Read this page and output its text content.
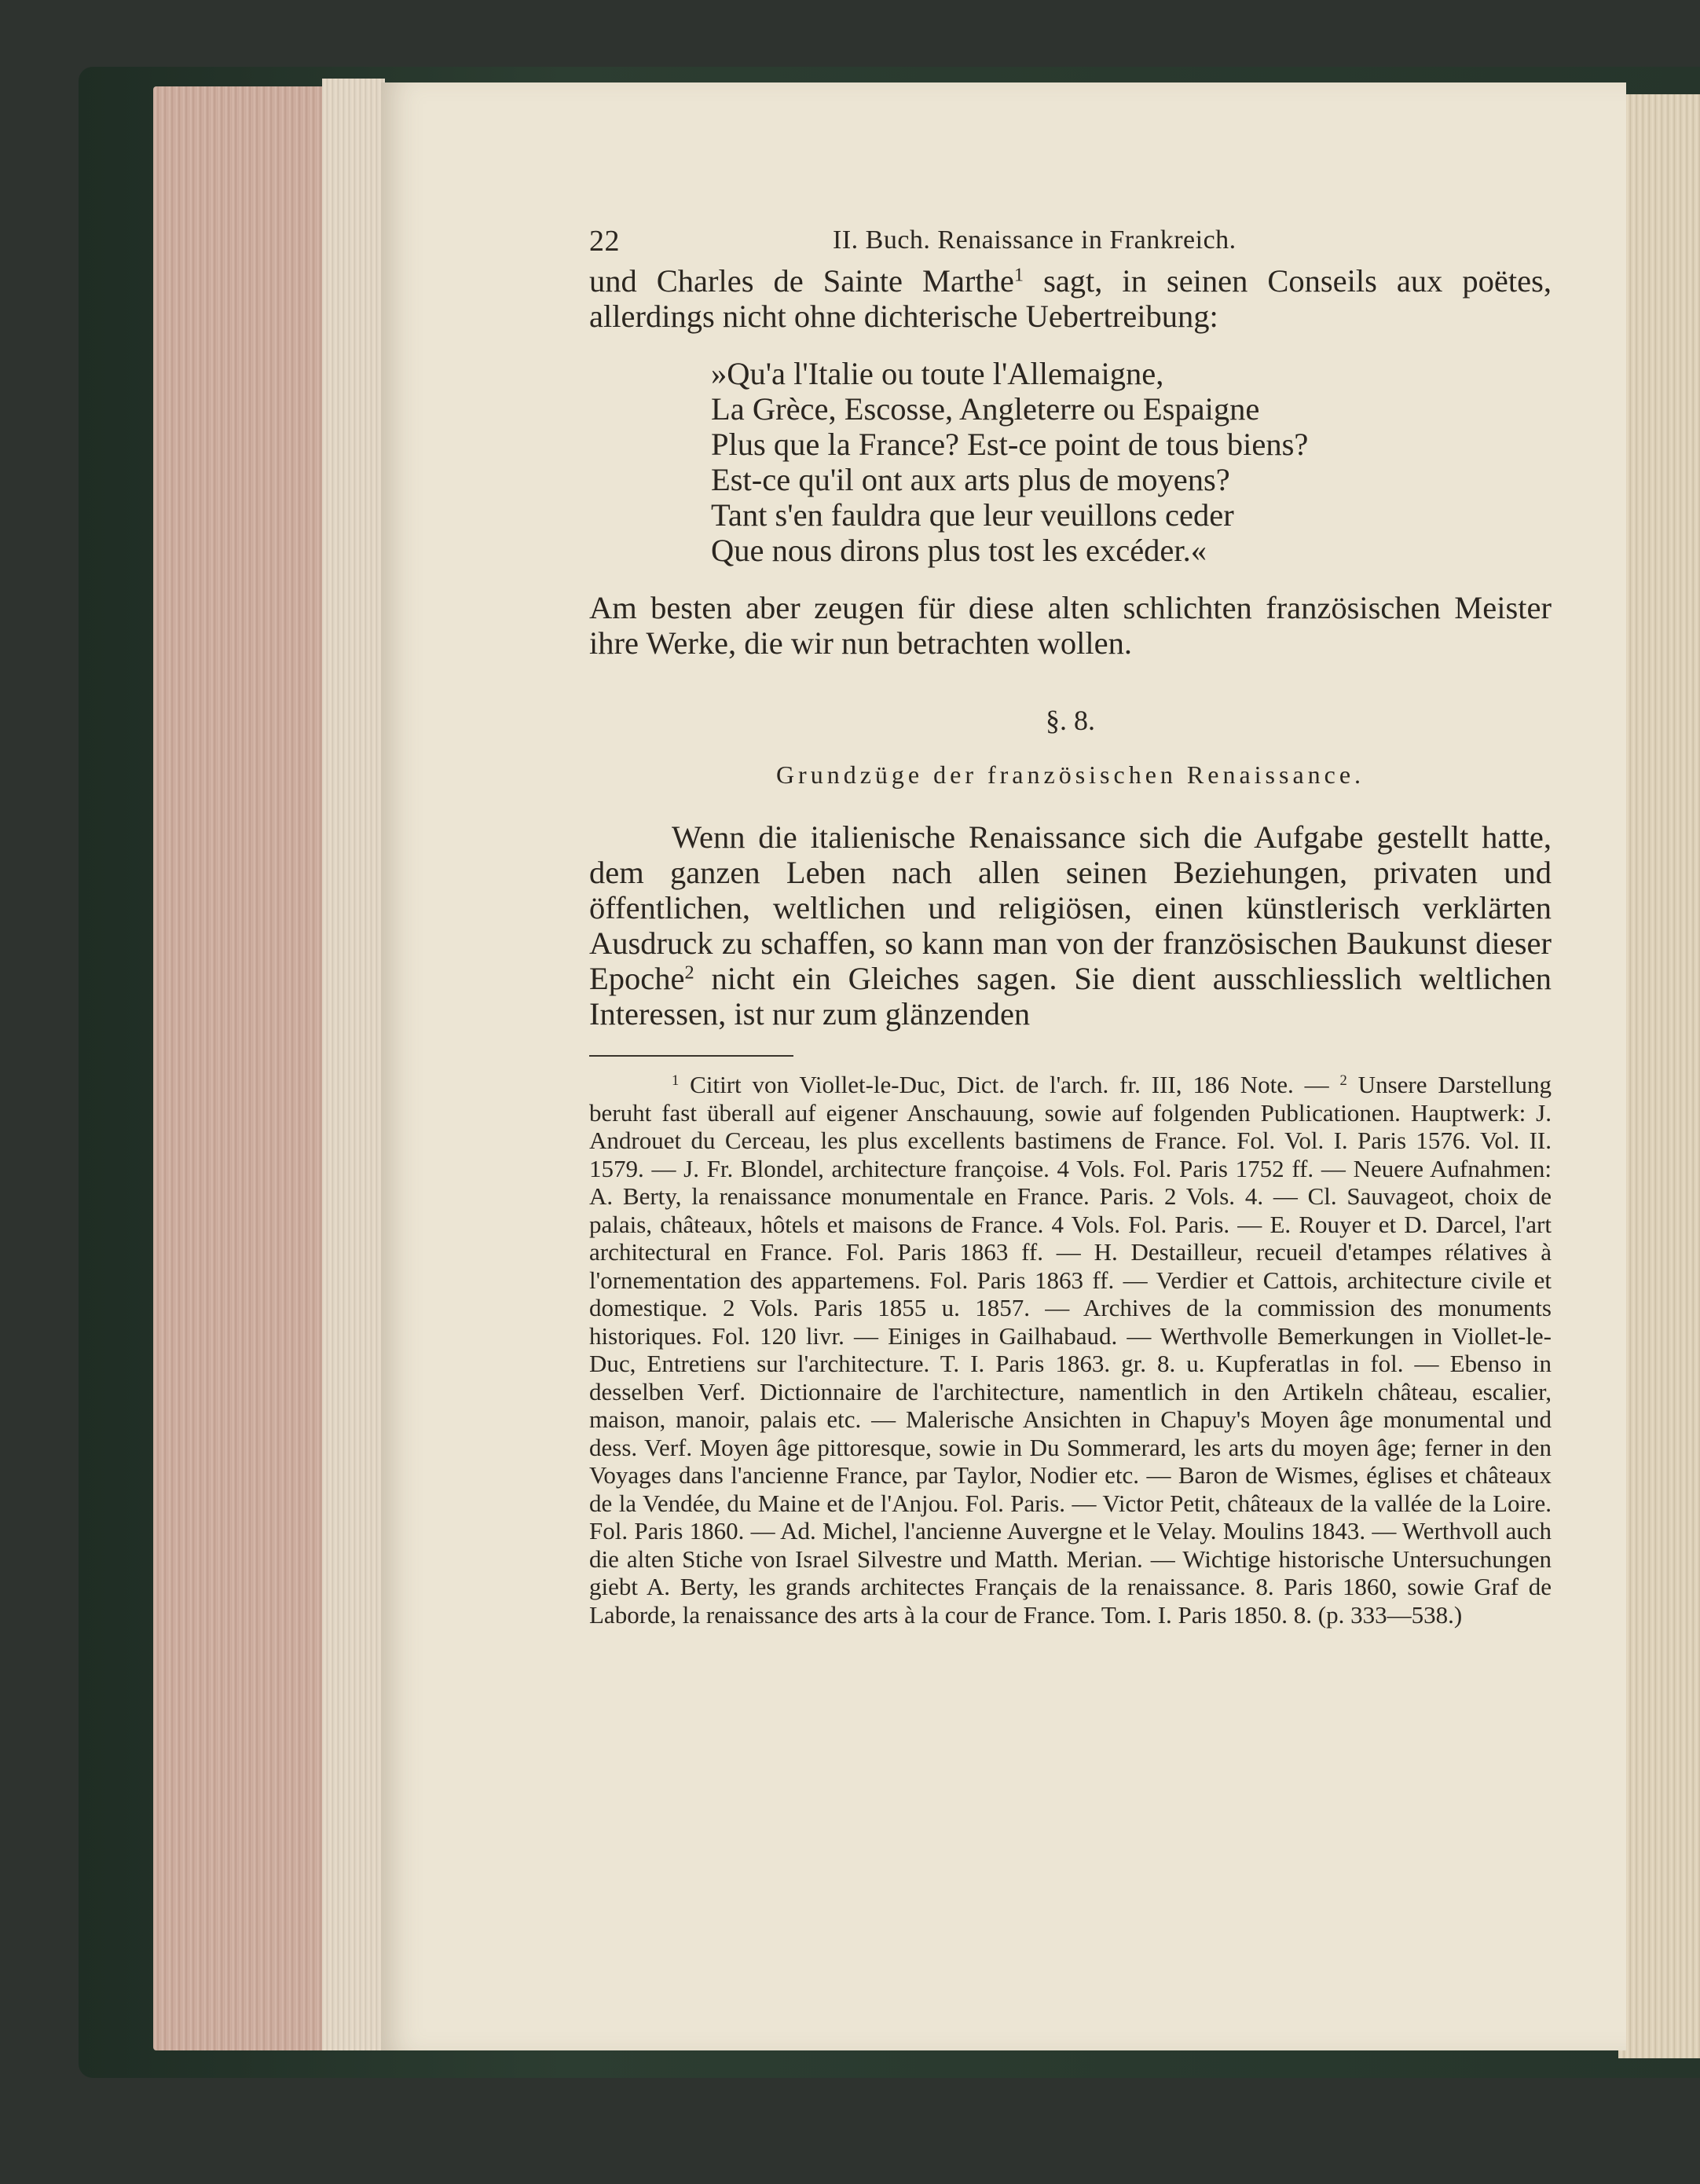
22	II. Buch. Renaissance in Frankreich.

und Charles de Sainte Marthe$^1$ sagt, in seinen Conseils aux poëtes, allerdings nicht ohne dichterische Uebertreibung:

»Qu'a l'Italie ou toute l'Allemaigne,
La Grèce, Escosse, Angleterre ou Espaigne
Plus que la France? Est-ce point de tous biens?
Est-ce qu'il ont aux arts plus de moyens?
Tant s'en fauldra que leur veuillons ceder
Que nous dirons plus tost les excéder.«

Am besten aber zeugen für diese alten schlichten französischen Meister ihre Werke, die wir nun betrachten wollen.

§. 8.
Grundzüge der französischen Renaissance.

Wenn die italienische Renaissance sich die Aufgabe gestellt hatte, dem ganzen Leben nach allen seinen Beziehungen, privaten und öffentlichen, weltlichen und religiösen, einen künstlerisch verklärten Ausdruck zu schaffen, so kann man von der französischen Baukunst dieser Epoche$^2$ nicht ein Gleiches sagen. Sie dient ausschliesslich weltlichen Interessen, ist nur zum glänzenden

$^1$ Citirt von Viollet-le-Duc, Dict. de l'arch. fr. III, 186 Note. — $^2$ Unsere Darstellung beruht fast überall auf eigener Anschauung, sowie auf folgenden Publicationen. Hauptwerk: J. Androuet du Cerceau, les plus excellents bastimens de France. Fol. Vol. I. Paris 1576. Vol. II. 1579. — J. Fr. Blondel, architecture françoise. 4 Vols. Fol. Paris 1752 ff. — Neuere Aufnahmen: A. Berty, la renaissance monumentale en France. Paris. 2 Vols. 4. — Cl. Sauvageot, choix de palais, châteaux, hôtels et maisons de France. 4 Vols. Fol. Paris. — E. Rouyer et D. Darcel, l'art architectural en France. Fol. Paris 1863 ff. — H. Destailleur, recueil d'etampes rélatives à l'ornementation des appartemens. Fol. Paris 1863 ff. — Verdier et Cattois, architecture civile et domestique. 2 Vols. Paris 1855 u. 1857. — Archives de la commission des monuments historiques. Fol. 120 livr. — Einiges in Gailhabaud. — Werthvolle Bemerkungen in Viollet-le-Duc, Entretiens sur l'architecture. T. I. Paris 1863. gr. 8. u. Kupferatlas in fol. — Ebenso in desselben Verf. Dictionnaire de l'architecture, namentlich in den Artikeln château, escalier, maison, manoir, palais etc. — Malerische Ansichten in Chapuy's Moyen âge monumental und dess. Verf. Moyen âge pittoresque, sowie in Du Sommerard, les arts du moyen âge; ferner in den Voyages dans l'ancienne France, par Taylor, Nodier etc. — Baron de Wismes, églises et châteaux de la Vendée, du Maine et de l'Anjou. Fol. Paris. — Victor Petit, châteaux de la vallée de la Loire. Fol. Paris 1860. — Ad. Michel, l'ancienne Auvergne et le Velay. Moulins 1843. — Werthvoll auch die alten Stiche von Israel Silvestre und Matth. Merian. — Wichtige historische Untersuchungen giebt A. Berty, les grands architectes Français de la renaissance. 8. Paris 1860, sowie Graf de Laborde, la renaissance des arts à la cour de France. Tom. I. Paris 1850. 8. (p. 333—538.)
